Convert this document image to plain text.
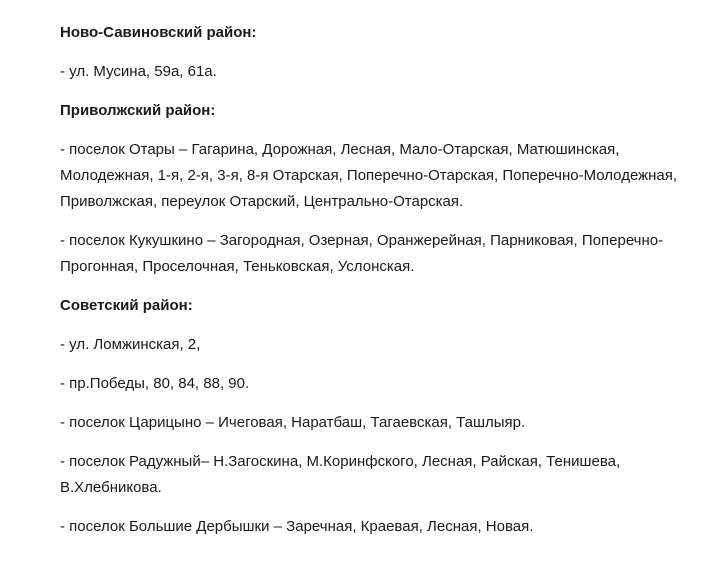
Ново-Савиновский район:
- ул. Мусина, 59а, 61а.
Приволжский район:
- поселок Отары – Гагарина, Дорожная, Лесная, Мало-Отарская, Матюшинская, Молодежная, 1-я, 2-я, 3-я, 8-я Отарская, Поперечно-Отарская, Поперечно-Молодежная, Приволжская, переулок Отарский, Центрально-Отарская.
- поселок Кукушкино – Загородная, Озерная, Оранжерейная, Парниковая, Поперечно-Прогонная, Проселочная, Теньковская, Услонская.
Советский район:
- ул. Ломжинская, 2,
- пр.Победы, 80, 84, 88, 90.
- поселок Царицыно – Ичеговая, Наратбаш, Тагаевская, Ташлыяр.
- поселок Радужный– Н.Загоскина, М.Коринфского, Лесная, Райская, Тенишева, В.Хлебникова.
- поселок Большие Дербышки – Заречная, Краевая, Лесная, Новая.
